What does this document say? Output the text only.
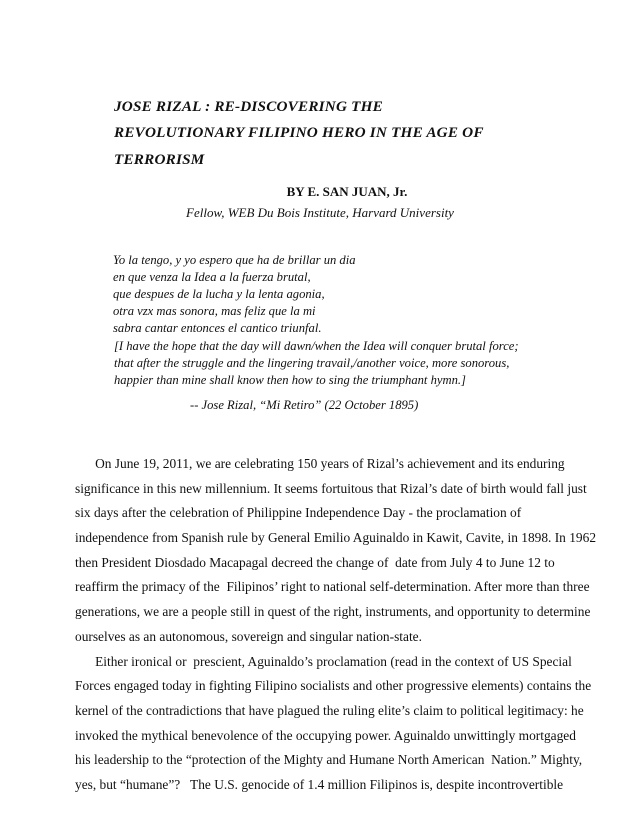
JOSE RIZAL : RE-DISCOVERING THE
REVOLUTIONARY FILIPINO HERO IN THE AGE OF
TERRORISM
BY E. SAN JUAN, Jr.
Fellow, WEB Du Bois Institute, Harvard University
Yo la tengo, y yo espero que ha de brillar un dia
en que venza la Idea a la fuerza brutal,
que despues de la lucha y la lenta agonia,
otra vzx mas sonora, mas feliz que la mi
sabra cantar entonces el cantico triunfal.
[I have the hope that the day will dawn/when the Idea will conquer brutal force;
that after the struggle and the lingering travail,/another voice, more sonorous,
happier than mine shall know then how to sing the triumphant hymn.]
-- Jose Rizal, “Mi Retiro” (22 October 1895)
On June 19, 2011, we are celebrating 150 years of Rizal’s achievement and its enduring
significance in this new millennium. It seems fortuitous that Rizal’s date of birth would fall just
six days after the celebration of Philippine Independence Day - the proclamation of
independence from Spanish rule by General Emilio Aguinaldo in Kawit, Cavite, in 1898. In 1962
then President Diosdado Macapagal decreed the change of  date from July 4 to June 12 to
reaffirm the primacy of the  Filipinos’ right to national self-determination. After more than three
generations, we are a people still in quest of the right, instruments, and opportunity to determine
ourselves as an autonomous, sovereign and singular nation-state.
Either ironical or  prescient, Aguinaldo’s proclamation (read in the context of US Special
Forces engaged today in fighting Filipino socialists and other progressive elements) contains the
kernel of the contradictions that have plagued the ruling elite’s claim to political legitimacy: he
invoked the mythical benevolence of the occupying power. Aguinaldo unwittingly mortgaged
his leadership to the “protection of the Mighty and Humane North American  Nation.” Mighty,
yes, but “humane”?   The U.S. genocide of 1.4 million Filipinos is, despite incontrovertible
